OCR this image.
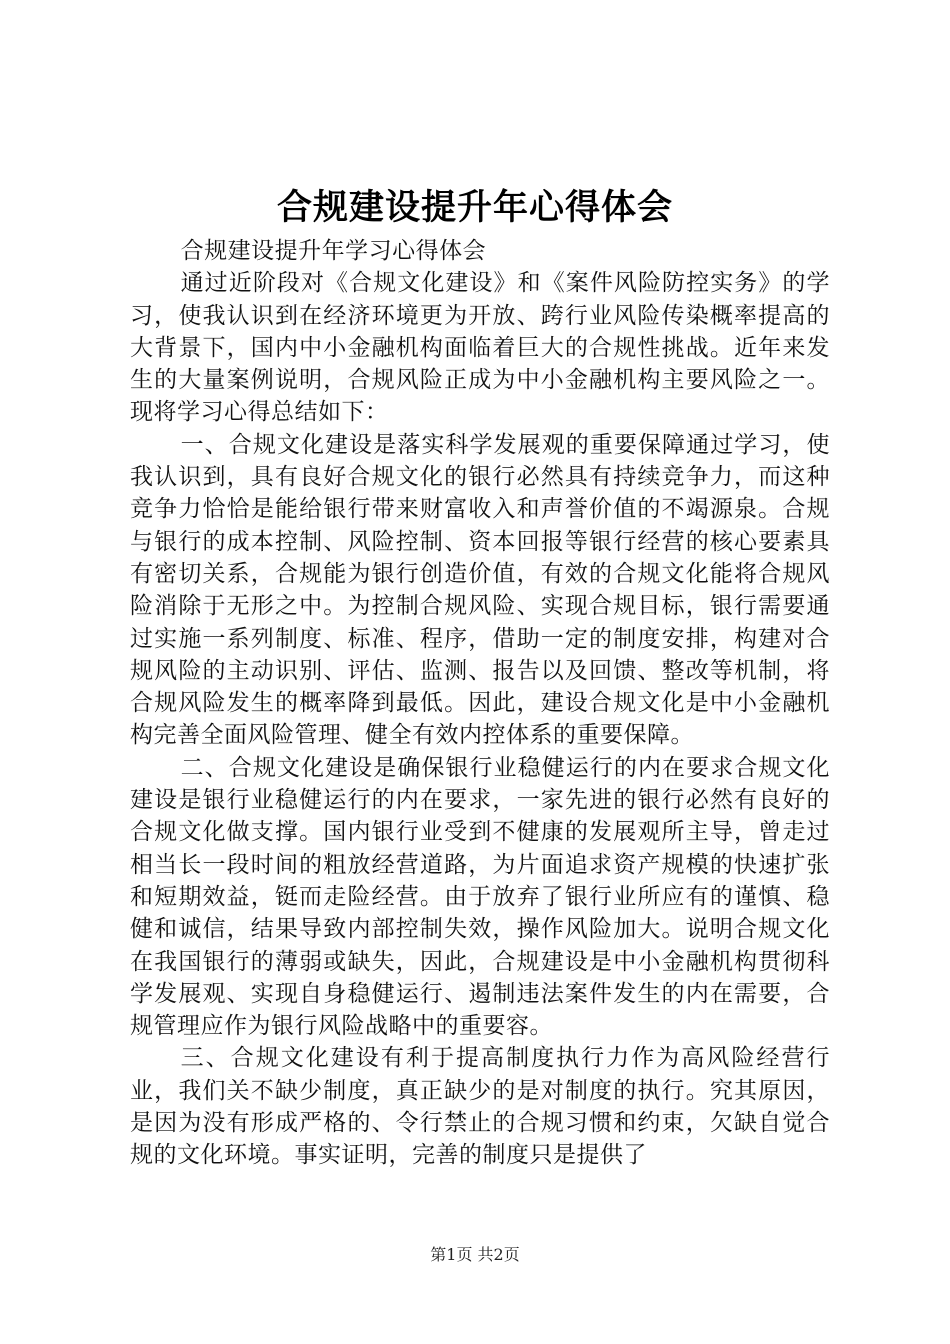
合规建设提升年心得体会

合规建设提升年学习心得体会

通过近阶段对《合规文化建设》和《案件风险防控实务》的学习，使我认识到在经济环境更为开放、跨行业风险传染概率提高的大背景下，国内中小金融机构面临着巨大的合规性挑战。近年来发生的大量案例说明，合规风险正成为中小金融机构主要风险之一。现将学习心得总结如下：

一、合规文化建设是落实科学发展观的重要保障通过学习，使我认识到，具有良好合规文化的银行必然具有持续竞争力，而这种竞争力恰恰是能给银行带来财富收入和声誉价值的不竭源泉。合规与银行的成本控制、风险控制、资本回报等银行经营的核心要素具有密切关系，合规能为银行创造价值，有效的合规文化能将合规风险消除于无形之中。为控制合规风险、实现合规目标，银行需要通过实施一系列制度、标准、程序，借助一定的制度安排，构建对合规风险的主动识别、评估、监测、报告以及回馈、整改等机制，将合规风险发生的概率降到最低。因此，建设合规文化是中小金融机构完善全面风险管理、健全有效内控体系的重要保障。

二、合规文化建设是确保银行业稳健运行的内在要求合规文化建设是银行业稳健运行的内在要求，一家先进的银行必然有良好的合规文化做支撑。国内银行业受到不健康的发展观所主导，曾走过相当长一段时间的粗放经营道路，为片面追求资产规模的快速扩张和短期效益，铤而走险经营。由于放弃了银行业所应有的谨慎、稳健和诚信，结果导致内部控制失效，操作风险加大。说明合规文化在我国银行的薄弱或缺失，因此，合规建设是中小金融机构贯彻科学发展观、实现自身稳健运行、遏制违法案件发生的内在需要，合规管理应作为银行风险战略中的重要容。

三、合规文化建设有利于提高制度执行力作为高风险经营行业，我们关不缺少制度，真正缺少的是对制度的执行。究其原因，是因为没有形成严格的、令行禁止的合规习惯和约束，欠缺自觉合规的文化环境。事实证明，完善的制度只是提供了

第1页 共2页
